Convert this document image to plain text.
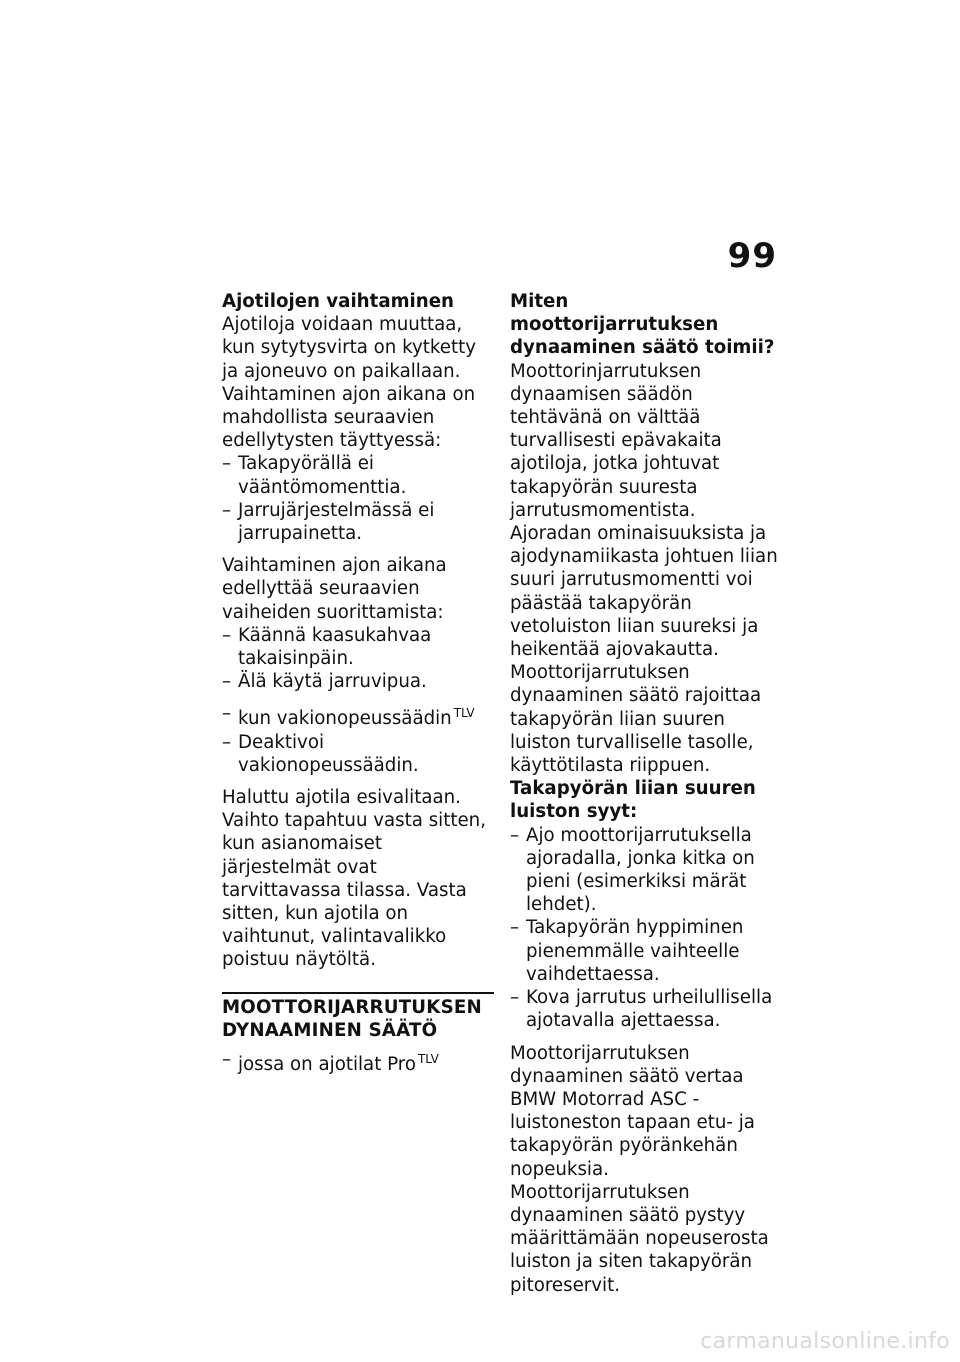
99
Ajotilojen vaihtaminen

Ajotiloja voidaan muuttaa, kun sytytysvirta on kytketty ja ajoneuvo on paikallaan. Vaihtaminen ajon aikana on mahdollista seuraavien edellytysten täyttyessä:

– Takapyörällä ei vääntömomenttia.
– Jarrujärjestelmässä ei jarrupainetta.

Vaihtaminen ajon aikana edellyttää seuraavien vaiheiden suorittamista:

– Käännä kaasukahvaa takaisinpäin.
– Älä käytä jarruvipua.
– kun vakionopeussäädin $^{TLV}$
– Deaktivoi vakionopeussäädin.

Haluttu ajotila esivalitaan. Vaihto tapahtuu vasta sitten, kun asianomaiset järjestelmät ovat tarvittavassa tilassa. Vasta sitten, kun ajotila on vaihtunut, valintavalikko poistuu näytöltä.

MOOTTORIJARRUTUKSEN
DYNAAMINEN SÄÄTÖ
– jossa on ajotilat Pro $^{TLV}$
Miten moottorijarrutuksen dynaaminen säätö toimii?

Moottorinjarrutuksen dynaamisen säädön tehtävänä on välttää turvallisesti epävakaita ajotiloja, jotka johtuvat takapyörän suuresta jarrutusmomentista. Ajoradan ominaisuuksista ja ajodynamiikasta johtuen liian suuri jarrutusmomentti voi päästää takapyörän vetoluiston liian suureksi ja heikentää ajovakautta. Moottorijarrutuksen dynaaminen säätö rajoittaa takapyörän liian suuren luiston turvalliselle tasolle, käyttötilasta riippuen.

Takapyörän liian suuren luiston syyt:
– Ajo moottorijarrutuksella ajoradalla, jonka kitka on pieni (esimerkiksi märät lehdet).
– Takapyörän hyppiminen pienemmälle vaihteelle vaihdettaessa.
– Kova jarrutus urheilullisella ajotavalla ajettaessa.

Moottorijarrutuksen dynaaminen säätö vertaa BMW Motorrad ASC -luistoneston tapaan etu- ja takapyörän pyöränkehän nopeuksia. Moottorijarrutuksen dynaaminen säätö pystyy määrittämään nopeuserosta luiston ja siten takapyörän pitoreservit.

carmanualsonline.info
